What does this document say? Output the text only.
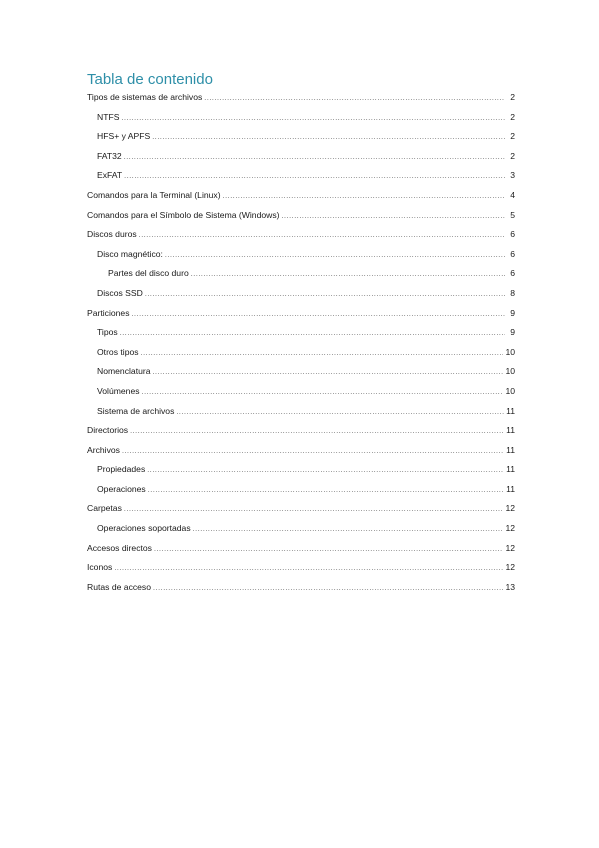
Tabla de contenido
Tipos de sistemas de archivos .....	2
NTFS .....	2
HFS+ y APFS .....	2
FAT32 .....	2
ExFAT .....	3
Comandos para la Terminal (Linux) .....	4
Comandos para el Símbolo de Sistema (Windows) .....	5
Discos duros .....	6
Disco magnético: .....	6
Partes del disco duro .....	6
Discos SSD .....	8
Particiones .....	9
Tipos .....	9
Otros tipos .....	10
Nomenclatura .....	10
Volúmenes .....	10
Sistema de archivos .....	11
Directorios .....	11
Archivos .....	11
Propiedades .....	11
Operaciones .....	11
Carpetas .....	12
Operaciones soportadas .....	12
Accesos directos .....	12
Iconos .....	12
Rutas de acceso .....	13
